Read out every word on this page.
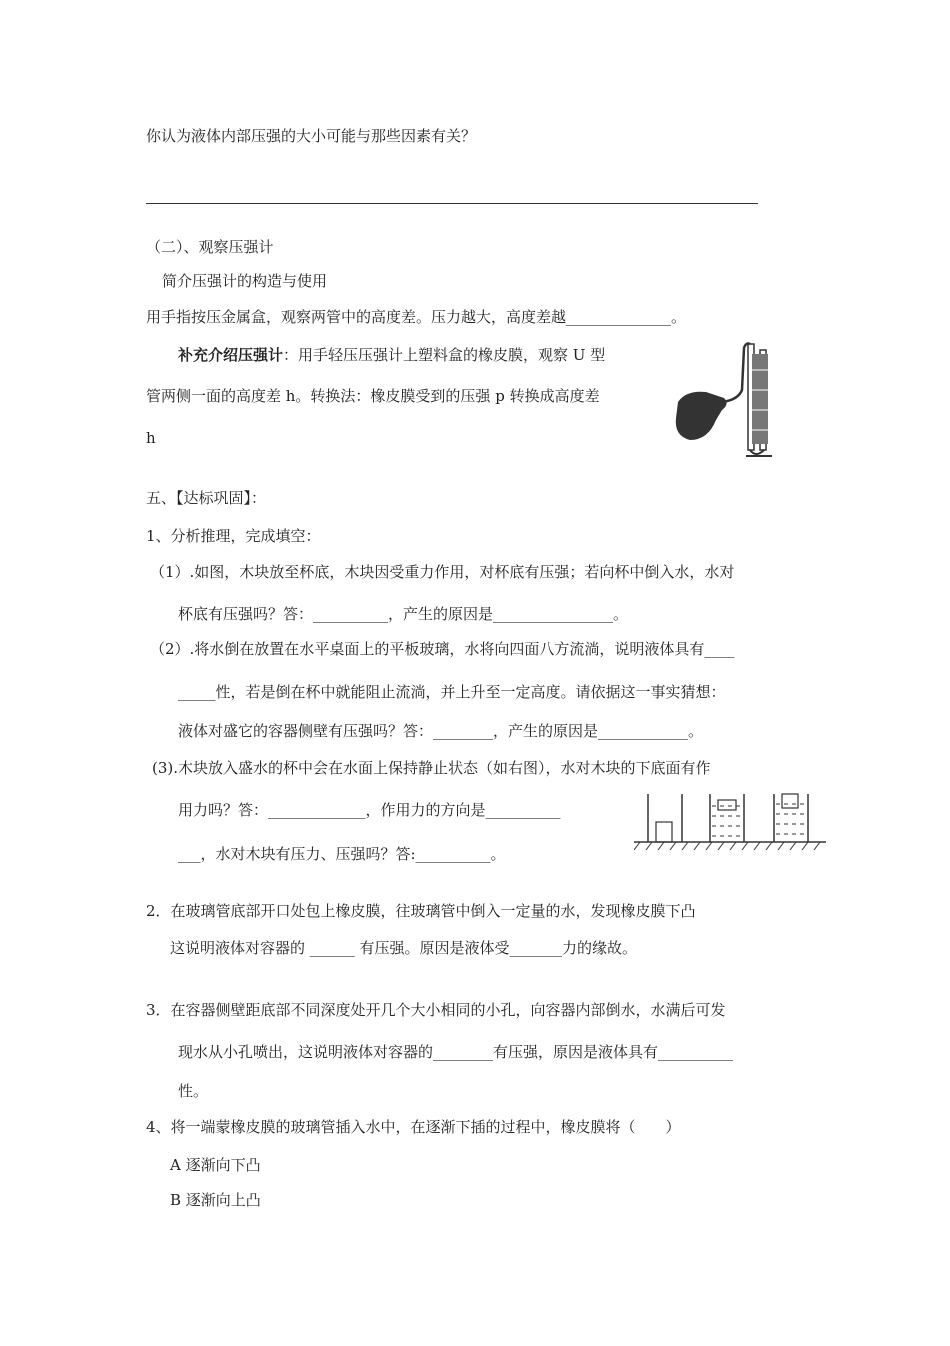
你认为液体内部压强的大小可能与那些因素有关？
（二）、观察压强计
简介压强计的构造与使用
用手指按压金属盒，观察两管中的高度差。压力越大，高度差越______________。
补充介绍压强计：用手轻压压强计上塑料盒的橡皮膜，观察 U 型
管两侧一面的高度差 h。转换法：橡皮膜受到的压强 p 转换成高度差
h
五、【达标巩固】：
1、分析推理，完成填空：
（1）.如图，木块放至杯底，木块因受重力作用，对杯底有压强；若向杯中倒入水，水对
杯底有压强吗？答：__________，产生的原因是________________。
（2）.将水倒在放置在水平桌面上的平板玻璃，水将向四面八方流淌，说明液体具有____
_____性，若是倒在杯中就能阻止流淌，并上升至一定高度。请依据这一事实猜想：
液体对盛它的容器侧壁有压强吗？答：________，产生的原因是____________。
(3).木块放入盛水的杯中会在水面上保持静止状态（如右图），水对木块的下底面有作
用力吗？答：_____________，作用力的方向是__________
___，水对木块有压力、压强吗？答:__________。
2．在玻璃管底部开口处包上橡皮膜，往玻璃管中倒入一定量的水，发现橡皮膜下凸
这说明液体对容器的 ______ 有压强。原因是液体受_______力的缘故。
3．在容器侧壁距底部不同深度处开几个大小相同的小孔，向容器内部倒水，水满后可发
现水从小孔喷出，这说明液体对容器的________有压强，原因是液体具有__________
性。
4、将一端蒙橡皮膜的玻璃管插入水中，在逐渐下插的过程中，橡皮膜将（　　）
A 逐渐向下凸
B 逐渐向上凸
